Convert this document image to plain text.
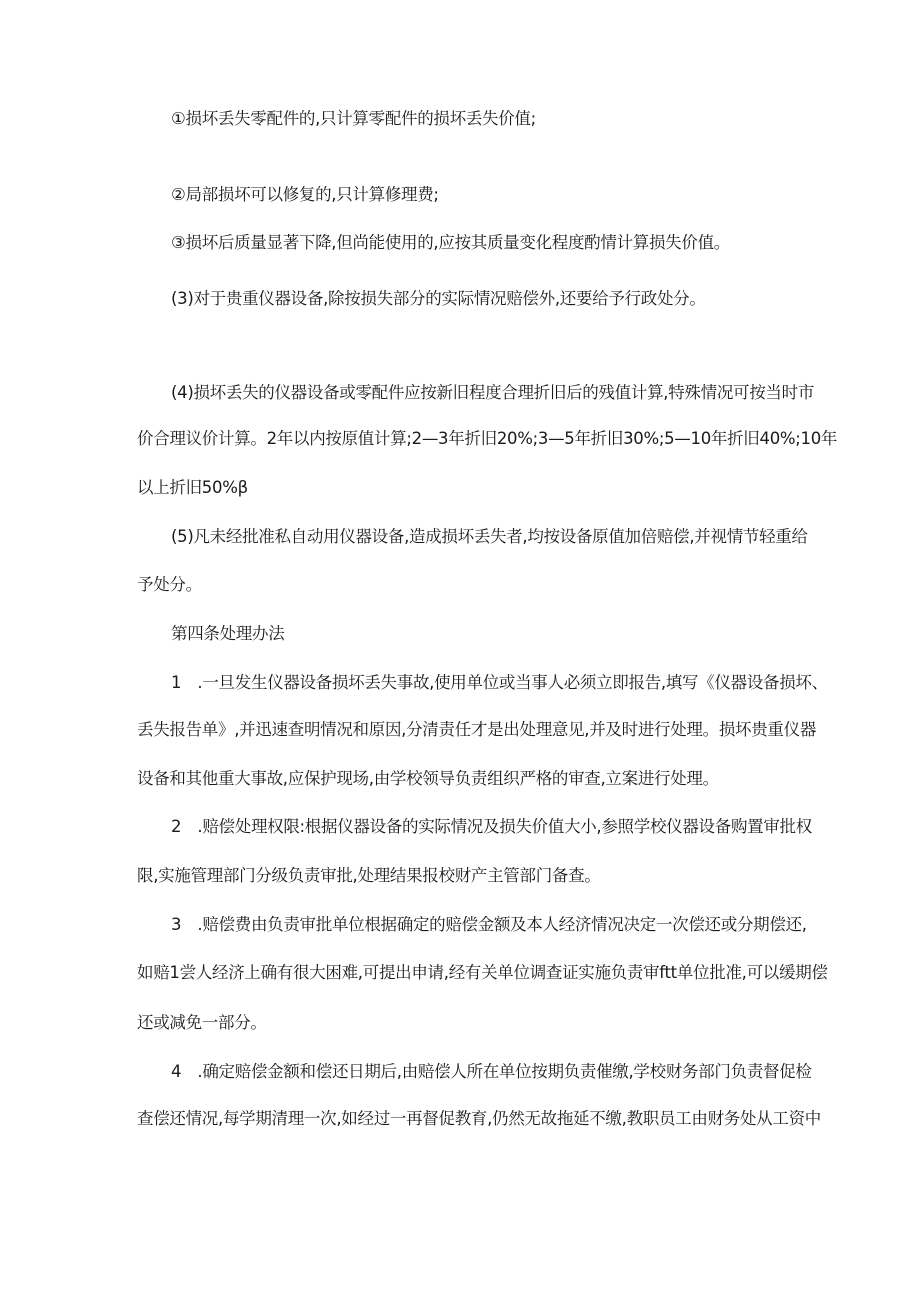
①损坏丢失零配件的,只计算零配件的损坏丢失价值;

②局部损坏可以修复的,只计算修理费;

③损坏后质量显著下降,但尚能使用的,应按其质量变化程度酌情计算损失价值。

(3)对于贵重仪器设备,除按损失部分的实际情况赔偿外,还要给予行政处分。

(4)损坏丢失的仪器设备或零配件应按新旧程度合理折旧后的残值计算,特殊情况可按当时市

价合理议价计算。2年以内按原值计算;2—3年折旧20%;3—5年折旧30%;5—10年折旧40%;10年

以上折旧50%β

(5)凡未经批准私自动用仪器设备,造成损坏丢失者,均按设备原值加倍赔偿,并视情节轻重给

予处分。

第四条处理办法

1　.一旦发生仪器设备损坏丢失事故,使用单位或当事人必须立即报告,填写《仪器设备损坏、

丢失报告单》,并迅速查明情况和原因,分清责任才是出处理意见,并及时进行处理。损坏贵重仪器

设备和其他重大事故,应保护现场,由学校领导负责组织严格的审查,立案进行处理。

2　.赔偿处理权限:根据仪器设备的实际情况及损失价值大小,参照学校仪器设备购置审批权

限,实施管理部门分级负责审批,处理结果报校财产主管部门备查。

3　.赔偿费由负责审批单位根据确定的赔偿金额及本人经济情况决定一次偿还或分期偿还,

如赔1尝人经济上确有很大困难,可提出申请,经有关单位调查证实施负责审ftt单位批准,可以缓期偿

还或减免一部分。

4　.确定赔偿金额和偿还日期后,由赔偿人所在单位按期负责催缴,学校财务部门负责督促检

查偿还情况,每学期清理一次,如经过一再督促教育,仍然无故拖延不缴,教职员工由财务处从工资中
